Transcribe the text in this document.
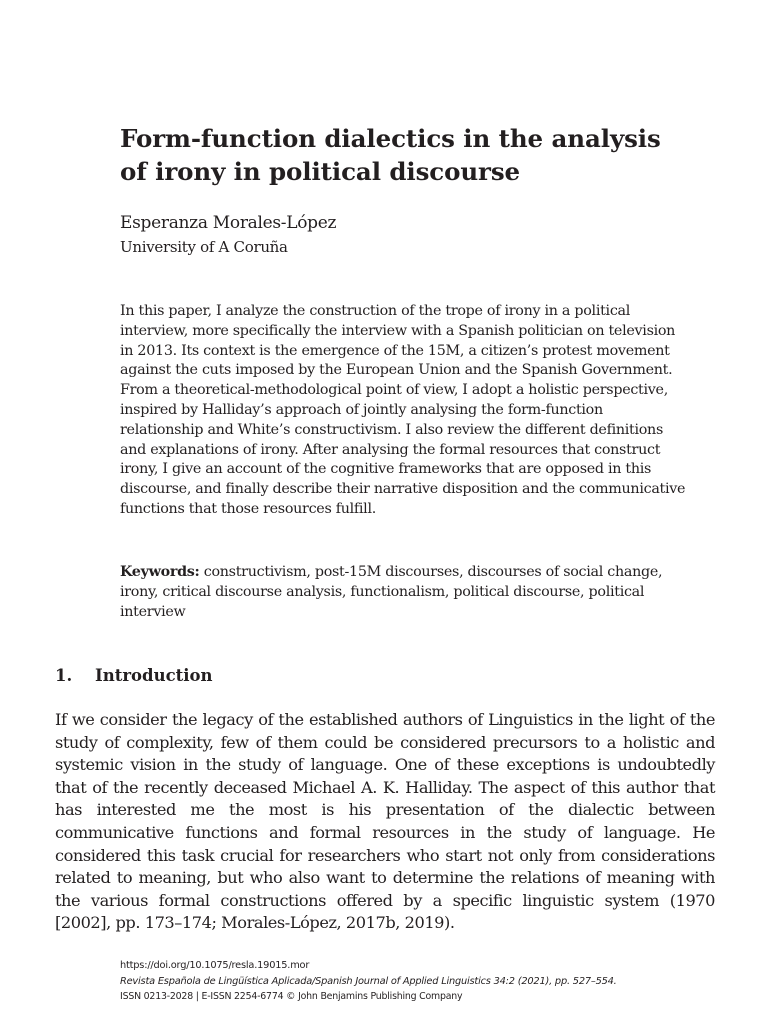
Form-function dialectics in the analysis of irony in political discourse
Esperanza Morales-López
University of A Coruña
In this paper, I analyze the construction of the trope of irony in a political interview, more specifically the interview with a Spanish politician on television in 2013. Its context is the emergence of the 15M, a citizen’s protest movement against the cuts imposed by the European Union and the Spanish Government. From a theoretical-methodological point of view, I adopt a holistic perspective, inspired by Halliday’s approach of jointly analysing the form-function relationship and White’s constructivism. I also review the different definitions and explanations of irony. After analysing the formal resources that construct irony, I give an account of the cognitive frameworks that are opposed in this discourse, and finally describe their narrative disposition and the communicative functions that those resources fulfill.
Keywords: constructivism, post-15M discourses, discourses of social change, irony, critical discourse analysis, functionalism, political discourse, political interview
1. Introduction

If we consider the legacy of the established authors of Linguistics in the light of the study of complexity, few of them could be considered precursors to a holistic and systemic vision in the study of language. One of these exceptions is undoubtedly that of the recently deceased Michael A. K. Halliday. The aspect of this author that has interested me the most is his presentation of the dialectic between communicative functions and formal resources in the study of language. He considered this task crucial for researchers who start not only from considerations related to meaning, but who also want to determine the relations of meaning with the various formal constructions offered by a specific linguistic system (1970 [2002], pp. 173–174; Morales-López, 2017b, 2019).

https://doi.org/10.1075/resla.19015.mor
Revista Española de Lingüística Aplicada/Spanish Journal of Applied Linguistics 34:2 (2021), pp. 527–554.
ISSN 0213-2028 | E-ISSN 2254-6774 © John Benjamins Publishing Company
